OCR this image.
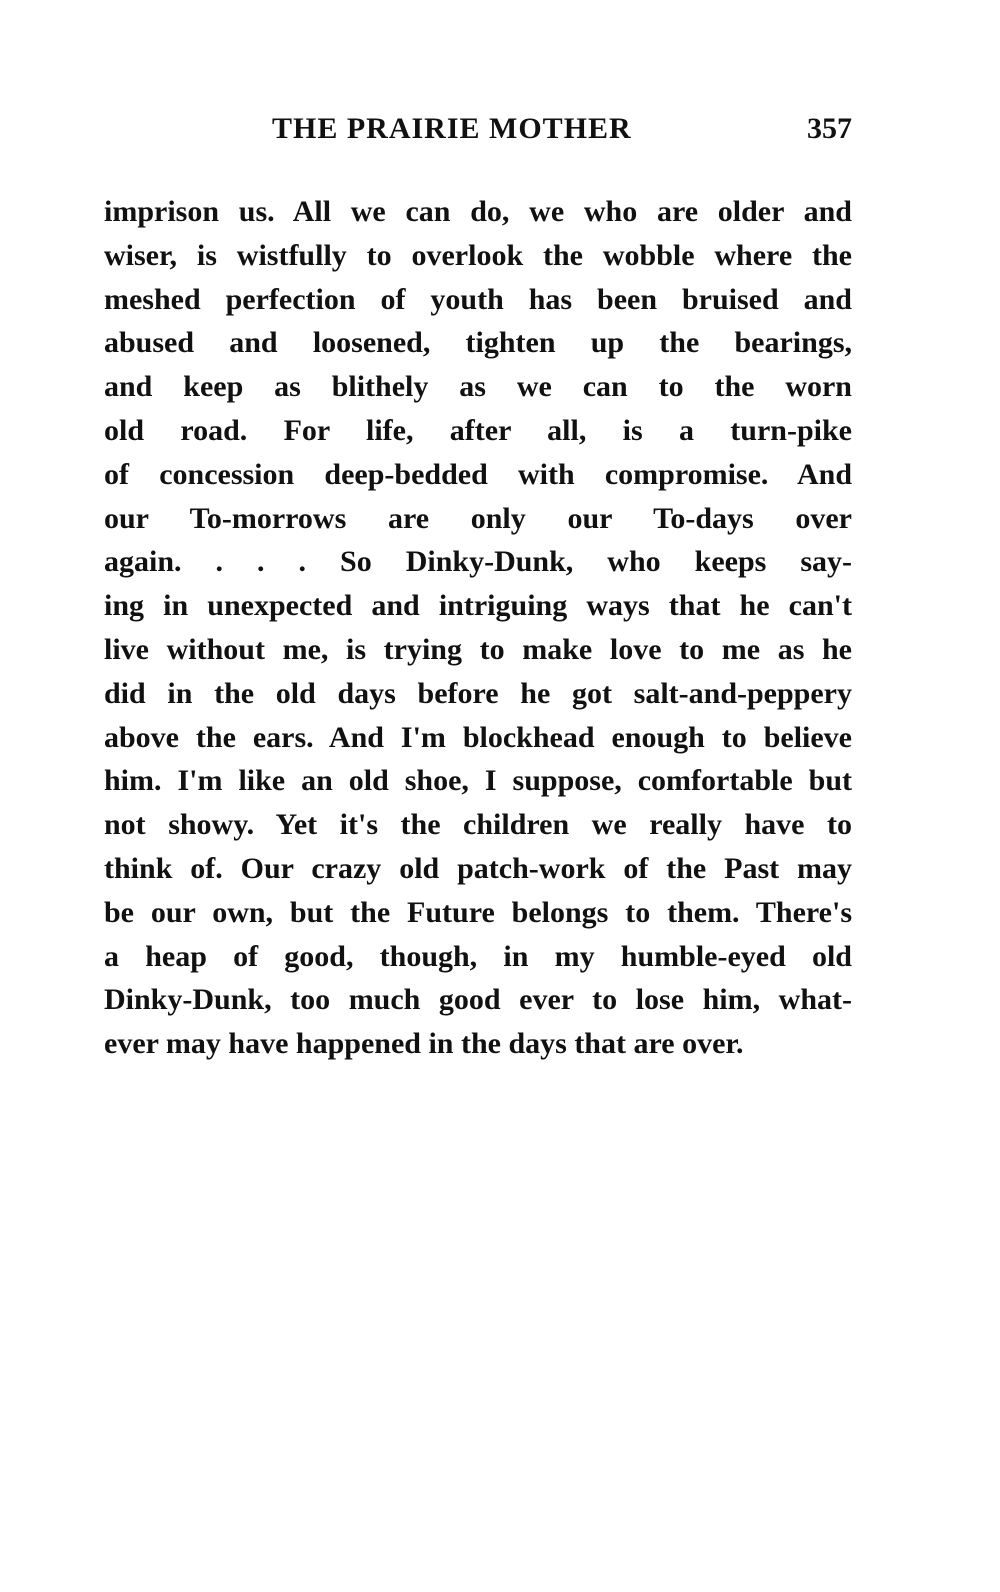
THE PRAIRIE MOTHER	357
imprison us. All we can do, we who are older and
wiser, is wistfully to overlook the wobble where the
meshed perfection of youth has been bruised and
abused and loosened, tighten up the bearings,
and keep as blithely as we can to the worn
old road. For life, after all, is a turn-pike
of concession deep-bedded with compromise. And
our To-morrows are only our To-days over
again. . . . So Dinky-Dunk, who keeps say-
ing in unexpected and intriguing ways that he can't
live without me, is trying to make love to me as he
did in the old days before he got salt-and-peppery
above the ears. And I'm blockhead enough to believe
him. I'm like an old shoe, I suppose, comfortable but
not showy. Yet it's the children we really have to
think of. Our crazy old patch-work of the Past may
be our own, but the Future belongs to them. There's
a heap of good, though, in my humble-eyed old
Dinky-Dunk, too much good ever to lose him, what-
ever may have happened in the days that are over.
